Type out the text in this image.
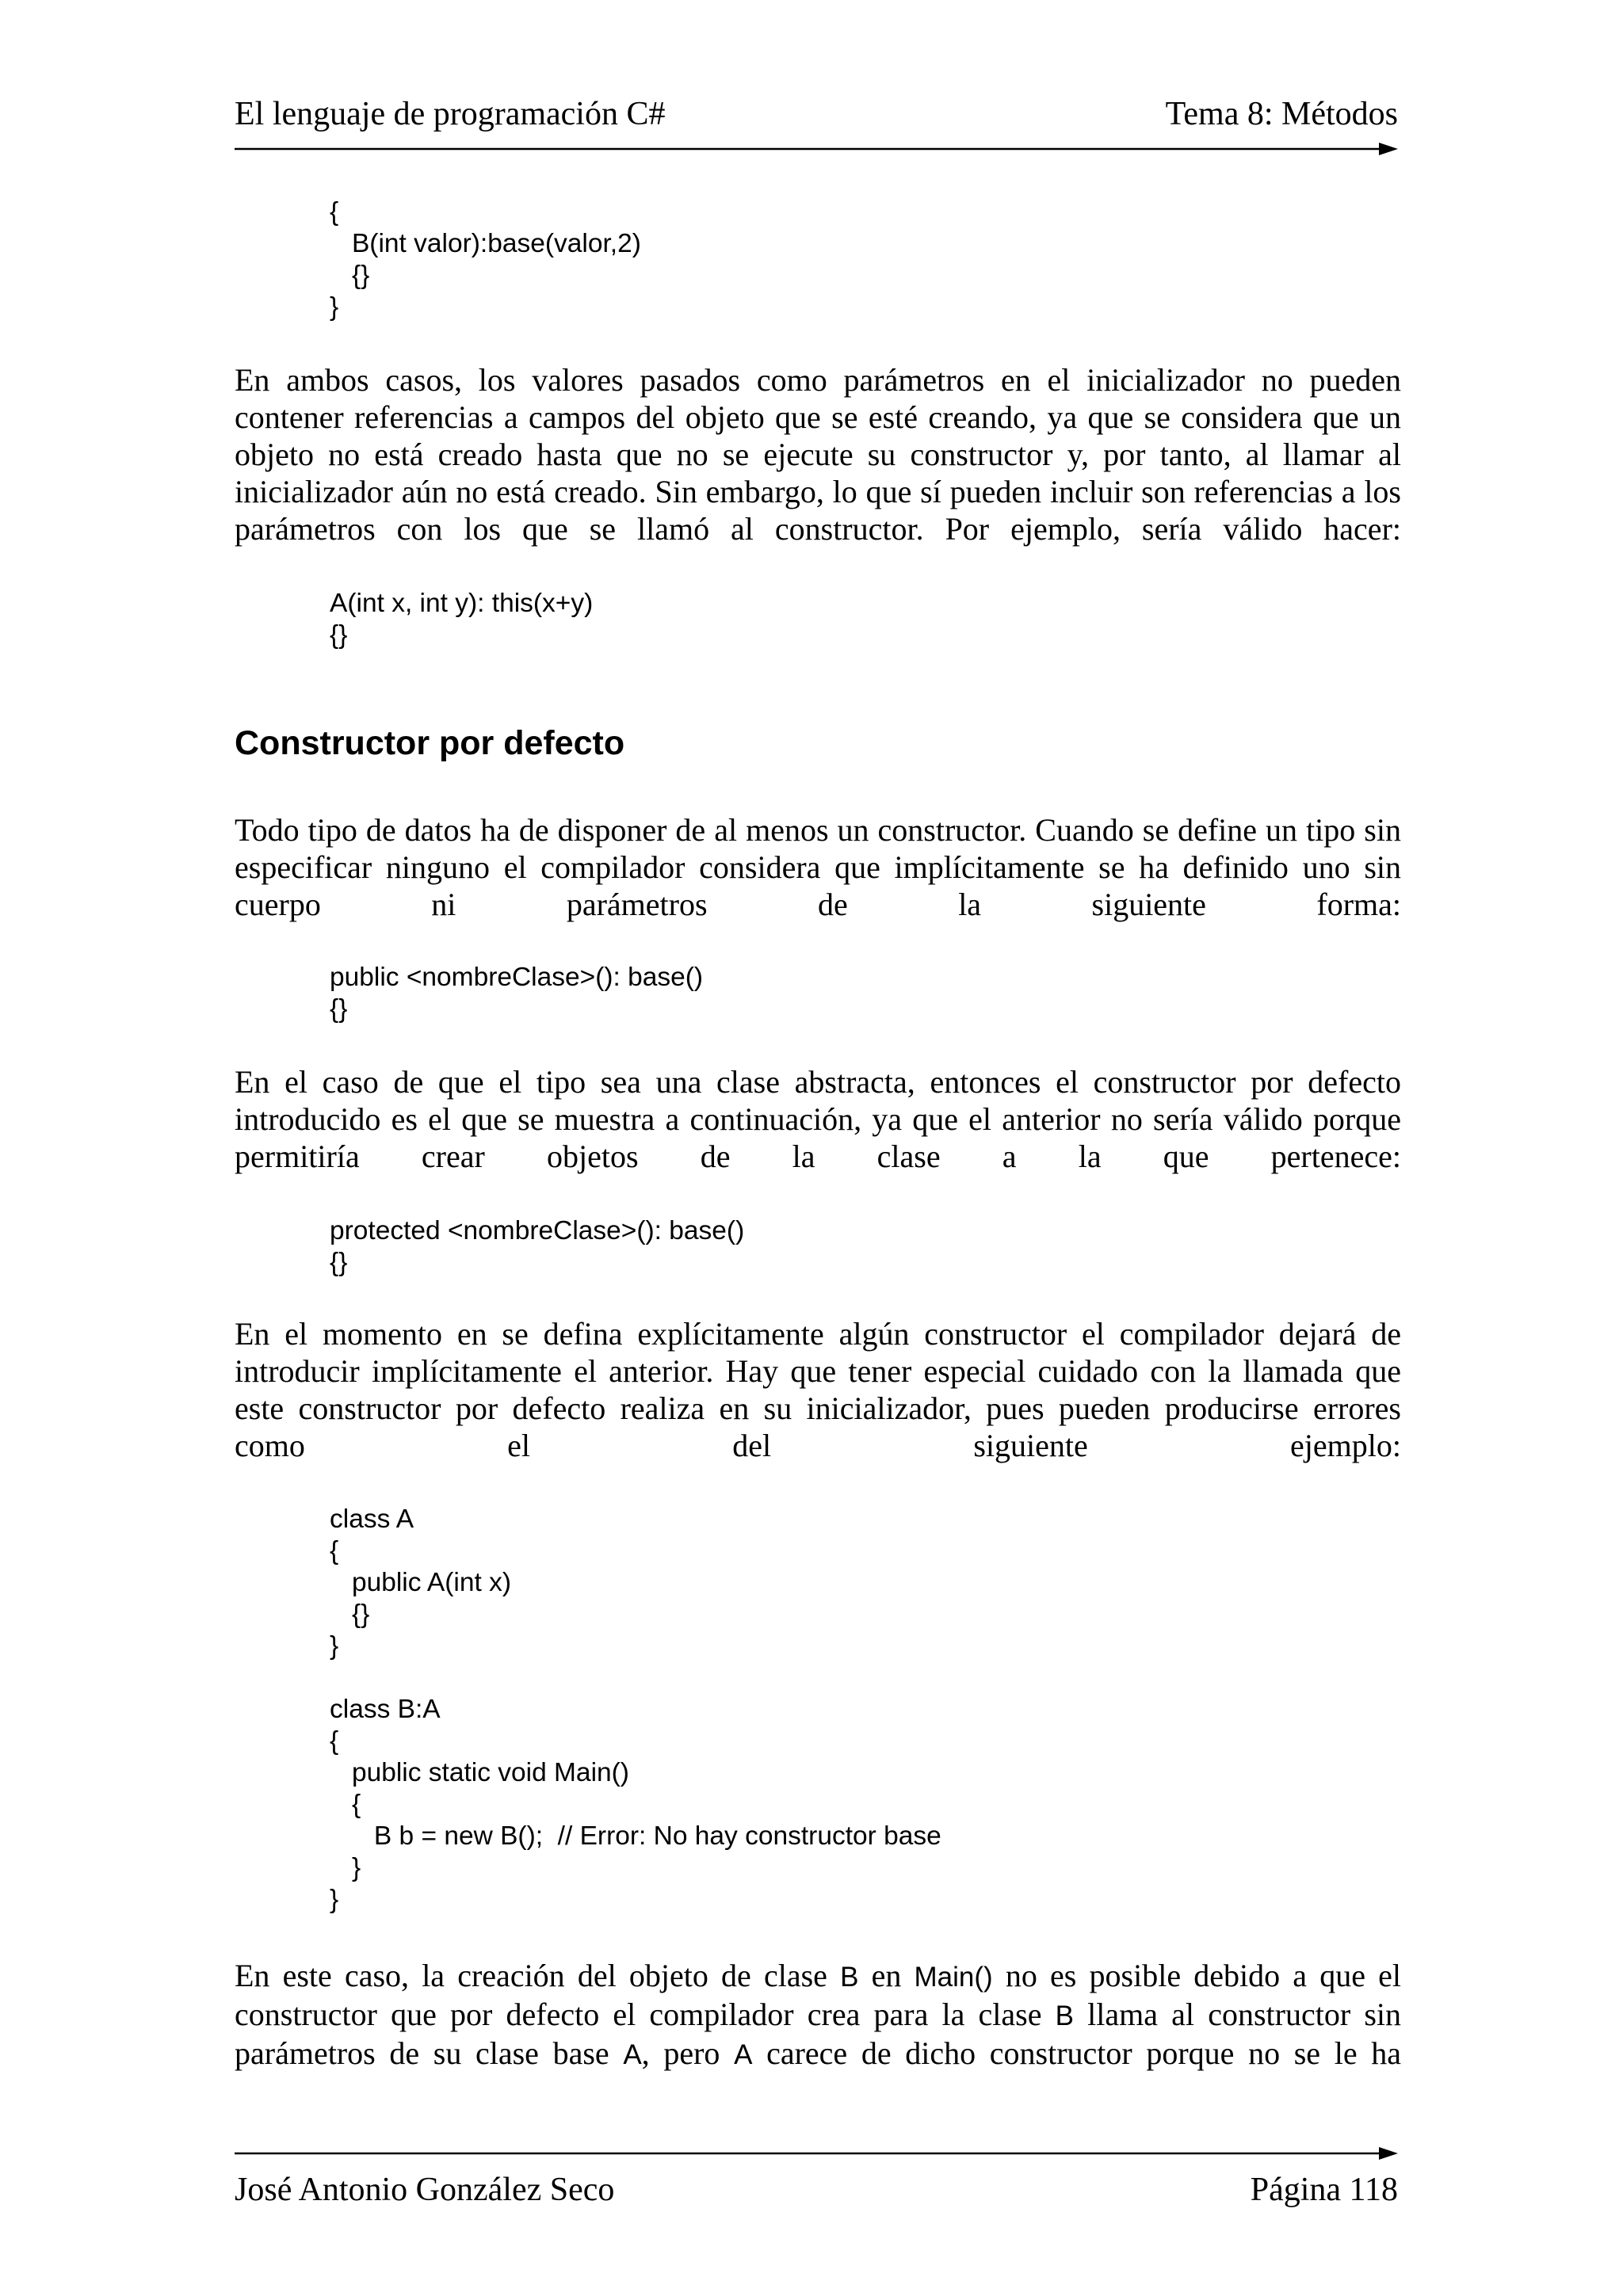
El lenguaje de programación C#	Tema 8: Métodos
{
	B(int valor):base(valor,2)
	{}
}

En ambos casos, los valores pasados como parámetros en el inicializador no pueden contener referencias a campos del objeto que se esté creando, ya que se considera que un objeto no está creado hasta que no se ejecute su constructor y, por tanto, al llamar al inicializador aún no está creado. Sin embargo, lo que sí pueden incluir son referencias a los parámetros con los que se llamó al constructor. Por ejemplo, sería válido hacer:

A(int x, int y): this(x+y)
{}
Constructor por defecto

Todo tipo de datos ha de disponer de al menos un constructor. Cuando se define un tipo sin especificar ninguno el compilador considera que implícitamente se ha definido uno sin cuerpo ni parámetros de la siguiente forma:

public <nombreClase>(): base()
{}

En el caso de que el tipo sea una clase abstracta, entonces el constructor por defecto introducido es el que se muestra a continuación, ya que el anterior no sería válido porque permitiría crear objetos de la clase a la que pertenece:

protected <nombreClase>(): base()
{}

En el momento en se defina explícitamente algún constructor el compilador dejará de introducir implícitamente el anterior. Hay que tener especial cuidado con la llamada que este constructor por defecto realiza en su inicializador, pues pueden producirse errores como el del siguiente ejemplo:

class A
{
	public A(int x)
	{}
}

class B:A
{
	public static void Main()
	{
		B b = new B();  // Error: No hay constructor base
	}
}

En este caso, la creación del objeto de clase B en Main() no es posible debido a que el constructor que por defecto el compilador crea para la clase B llama al constructor sin parámetros de su clase base A, pero A carece de dicho constructor porque no se le ha

José Antonio González Seco	Página 118
